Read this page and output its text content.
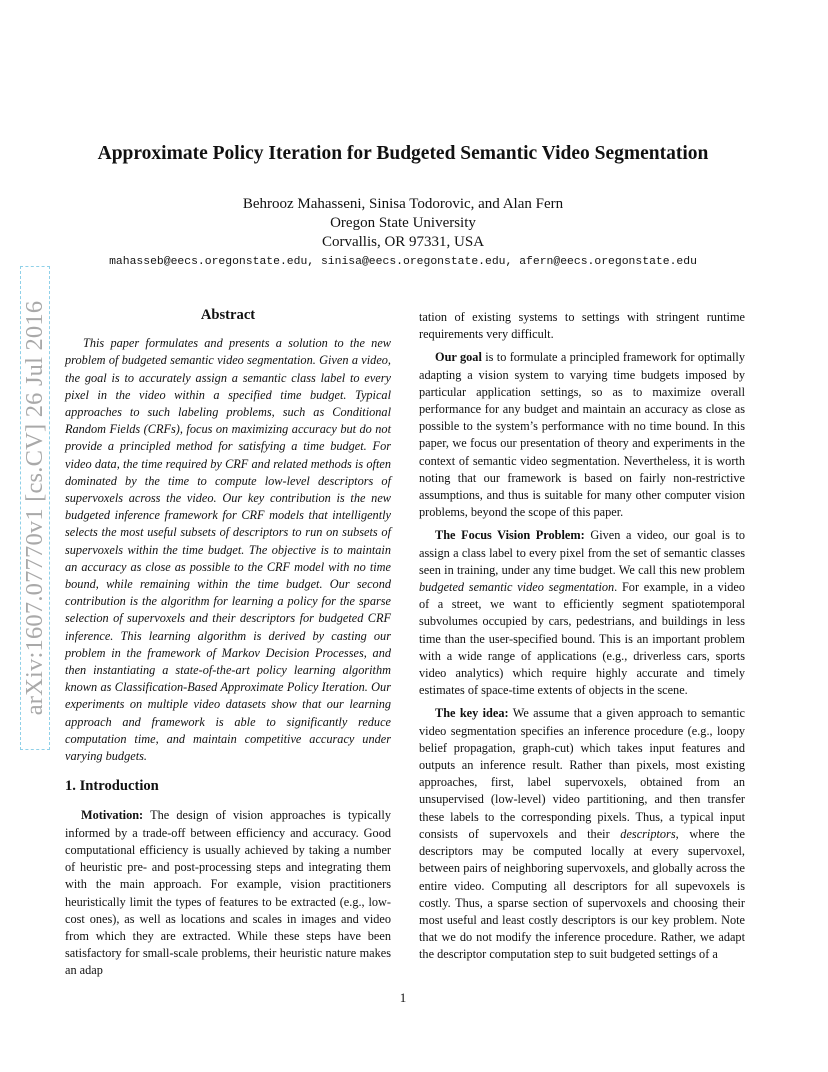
Approximate Policy Iteration for Budgeted Semantic Video Segmentation
Behrooz Mahasseni, Sinisa Todorovic, and Alan Fern
Oregon State University
Corvallis, OR 97331, USA
mahasseb@eecs.oregonstate.edu, sinisa@eecs.oregonstate.edu, afern@eecs.oregonstate.edu
arXiv:1607.07770v1 [cs.CV] 26 Jul 2016	Abstract

This paper formulates and presents a solution to the new problem of budgeted semantic video segmentation. Given a video, the goal is to accurately assign a semantic class label to every pixel in the video within a specified time budget. Typical approaches to such labeling problems, such as Conditional Random Fields (CRFs), focus on maximizing accuracy but do not provide a principled method for satisfying a time budget. For video data, the time required by CRF and related methods is often dominated by the time to compute low-level descriptors of supervoxels across the video. Our key contribution is the new budgeted inference framework for CRF models that intelligently selects the most useful subsets of descriptors to run on subsets of supervoxels within the time budget. The objective is to maintain an accuracy as close as possible to the CRF model with no time bound, while remaining within the time budget. Our second contribution is the algorithm for learning a policy for the sparse selection of supervoxels and their descriptors for budgeted CRF inference. This learning algorithm is derived by casting our problem in the framework of Markov Decision Processes, and then instantiating a state-of-the-art policy learning algorithm known as Classification-Based Approximate Policy Iteration. Our experiments on multiple video datasets show that our learning approach and framework is able to significantly reduce computation time, and maintain competitive accuracy under varying budgets.

1. Introduction

Motivation: The design of vision approaches is typically informed by a trade-off between efficiency and accuracy. Good computational efficiency is usually achieved by taking a number of heuristic pre- and post-processing steps and integrating them with the main approach. For example, vision practitioners heuristically limit the types of features to be extracted (e.g., low-cost ones), as well as locations and scales in images and video from which they are extracted. While these steps have been satisfactory for small-scale problems, their heuristic nature makes an adap

tation of existing systems to settings with stringent runtime requirements very difficult.

Our goal is to formulate a principled framework for optimally adapting a vision system to varying time budgets imposed by particular application settings, so as to maximize overall performance for any budget and maintain an accuracy as close as possible to the system’s performance with no time bound. In this paper, we focus our presentation of theory and experiments in the context of semantic video segmentation. Nevertheless, it is worth noting that our framework is based on fairly non-restrictive assumptions, and thus is suitable for many other computer vision problems, beyond the scope of this paper.

The Focus Vision Problem: Given a video, our goal is to assign a class label to every pixel from the set of semantic classes seen in training, under any time budget. We call this new problem budgeted semantic video segmentation. For example, in a video of a street, we want to efficiently segment spatiotemporal subvolumes occupied by cars, pedestrians, and buildings in less time than the user-specified bound. This is an important problem with a wide range of applications (e.g., driverless cars, sports video analytics) which require highly accurate and timely estimates of space-time extents of objects in the scene.

The key idea: We assume that a given approach to semantic video segmentation specifies an inference procedure (e.g., loopy belief propagation, graph-cut) which takes input features and outputs an inference result. Rather than pixels, most existing approaches, first, label supervoxels, obtained from an unsupervised (low-level) video partitioning, and then transfer these labels to the corresponding pixels. Thus, a typical input consists of supervoxels and their descriptors, where the descriptors may be computed locally at every supervoxel, between pairs of neighboring supervoxels, and globally across the entire video. Computing all descriptors for all supevoxels is costly. Thus, a sparse section of supervoxels and choosing their most useful and least costly descriptors is our key problem. Note that we do not modify the inference procedure. Rather, we adapt the descriptor computation step to suit budgeted settings of a

1
